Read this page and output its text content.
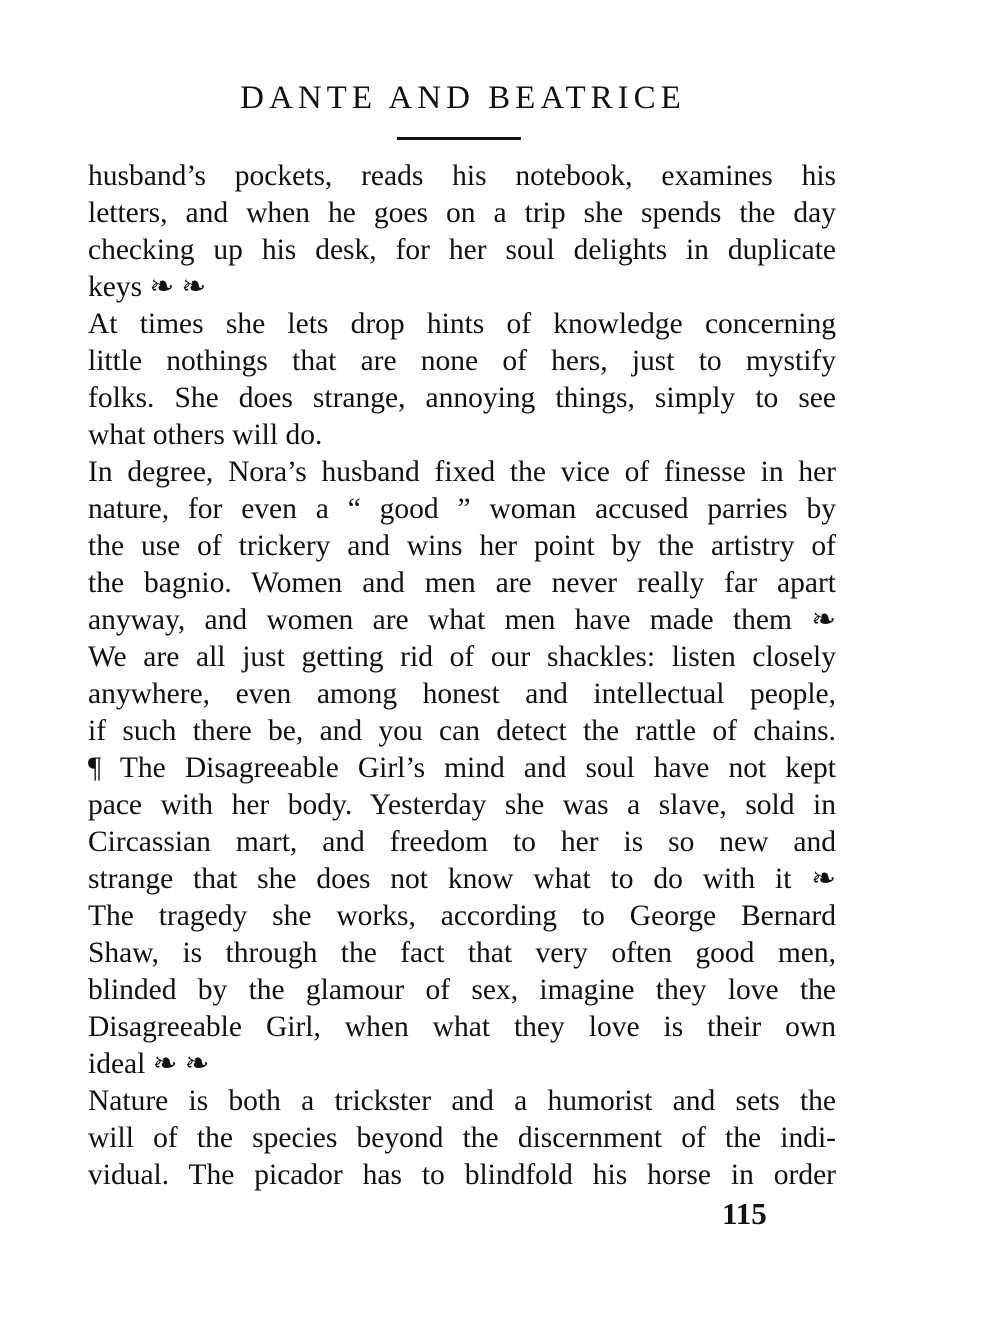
DANTE AND BEATRICE
husband’s pockets, reads his notebook, examines his
letters, and when he goes on a trip she spends the day
checking up his desk, for her soul delights in duplicate
keys ❧ ❧
At times she lets drop hints of knowledge concerning
little nothings that are none of hers, just to mystify
folks. She does strange, annoying things, simply to see
what others will do.
In degree, Nora’s husband fixed the vice of finesse in her
nature, for even a “ good ” woman accused parries by
the use of trickery and wins her point by the artistry of
the bagnio. Women and men are never really far apart
anyway, and women are what men have made them ❧
We are all just getting rid of our shackles: listen closely
anywhere, even among honest and intellectual people,
if such there be, and you can detect the rattle of chains.
¶ The Disagreeable Girl’s mind and soul have not kept
pace with her body. Yesterday she was a slave, sold in
Circassian mart, and freedom to her is so new and
strange that she does not know what to do with it ❧
The tragedy she works, according to George Bernard
Shaw, is through the fact that very often good men,
blinded by the glamour of sex, imagine they love the
Disagreeable Girl, when what they love is their own
ideal ❧ ❧
Nature is both a trickster and a humorist and sets the
will of the species beyond the discernment of the indi-
vidual. The picador has to blindfold his horse in order
115
